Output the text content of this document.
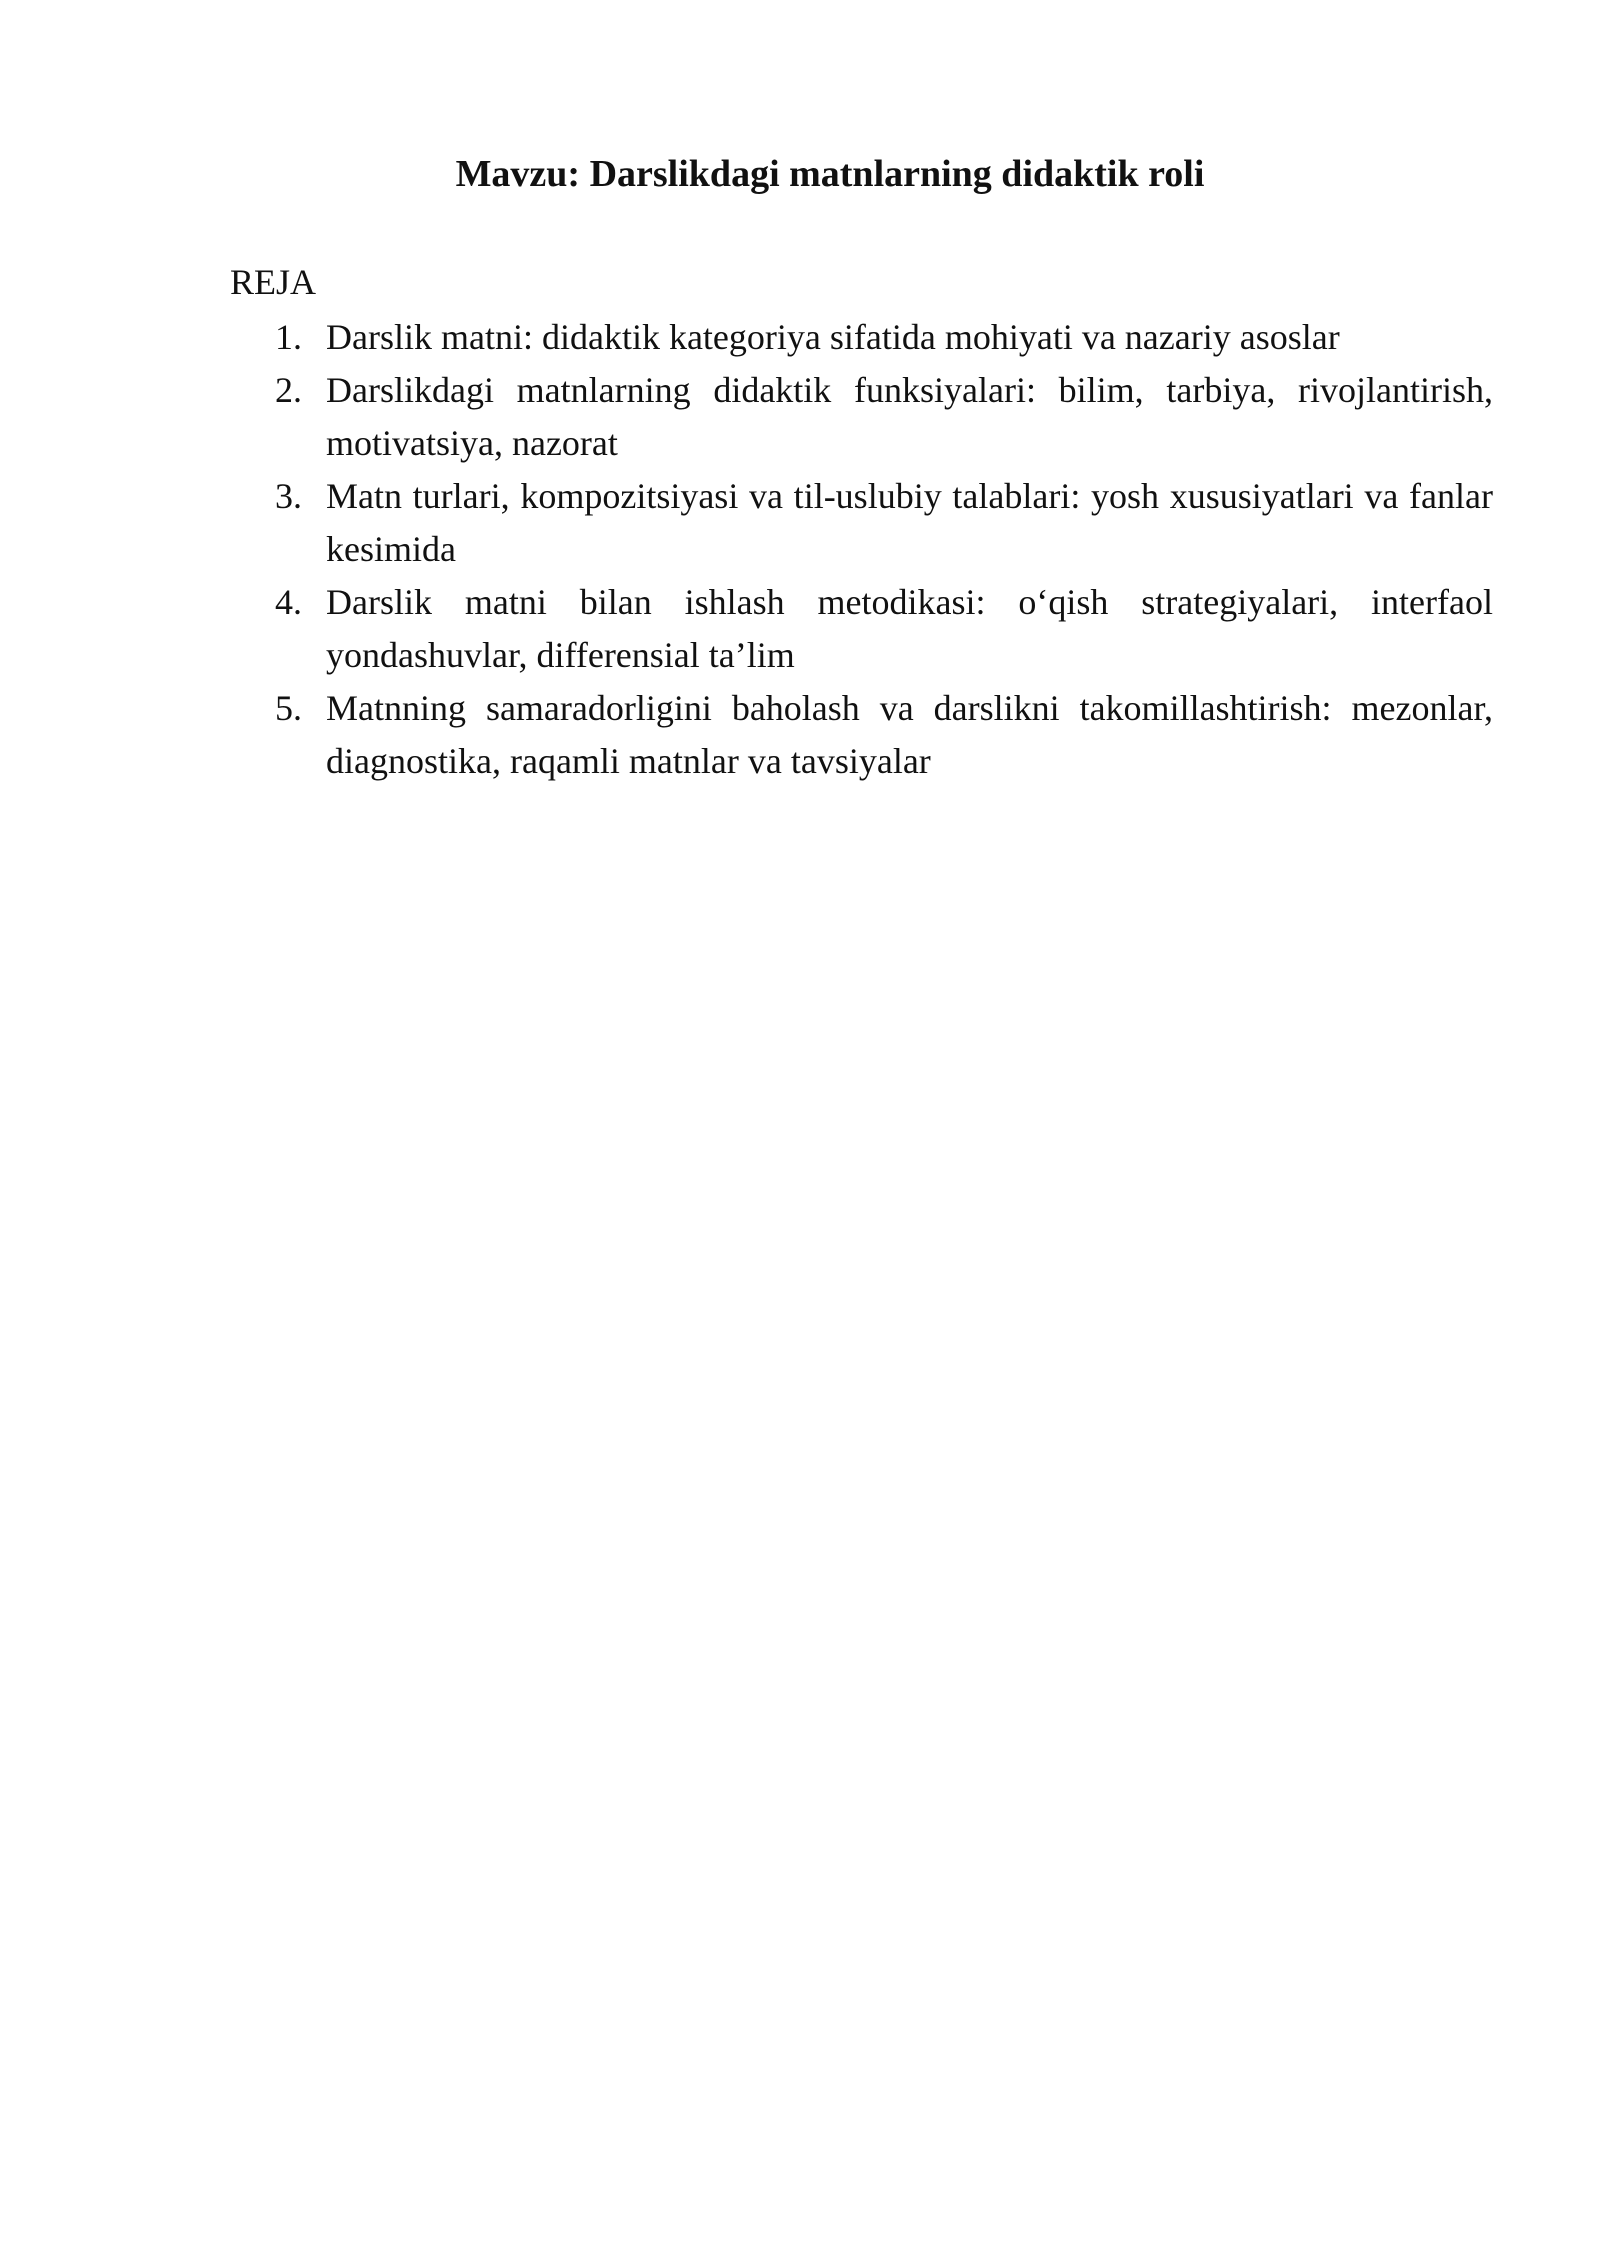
Mavzu: Darslikdagi matnlarning didaktik roli

REJA

1. Darslik matni: didaktik kategoriya sifatida mohiyati va nazariy asoslar
2. Darslikdagi matnlarning didaktik funksiyalari: bilim, tarbiya, rivojlantirish, motivatsiya, nazorat
3. Matn turlari, kompozitsiyasi va til-uslubiy talablari: yosh xususiyatlari va fanlar kesimida
4. Darslik matni bilan ishlash metodikasi: o‘qish strategiyalari, interfaol yondashuvlar, differensial ta’lim
5. Matnning samaradorligini baholash va darslikni takomillashtirish: mezonlar, diagnostika, raqamli matnlar va tavsiyalar
